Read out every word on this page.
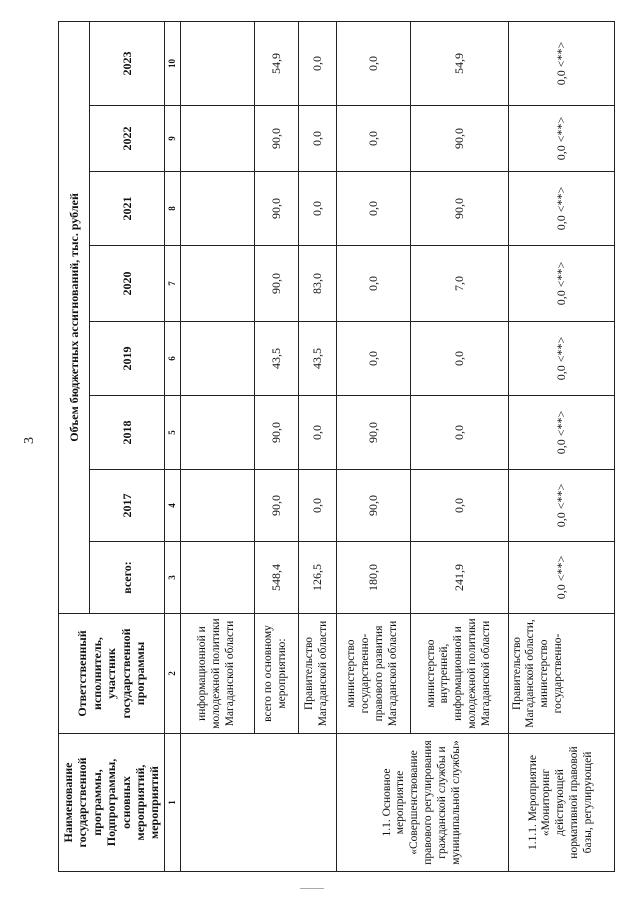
3
Наименование государственной программы, Подпрограммы, основных мероприятий, мероприятий	Ответственный исполнитель, участник государственной программы	Объем бюджетных ассигнований, тыс. рублей							
		всего:	2017	2018	2019	2020	2021	2022	2023
1	2	3	4	5	6	7	8	9	10
	информационной и молодежной политики Магаданской области								
	всего по основному мероприятию:	548,4	90,0	90,0	43,5	90,0	90,0	90,0	54,9
	Правительство Магаданской области	126,5	0,0	0,0	43,5	83,0	0,0	0,0	0,0
1.1. Основное мероприятие «Совершенствование правового регулирования гражданской службы и муниципальной службы»	министерство государственно-правового развития Магаданской области	180,0	90,0	90,0	0,0	0,0	0,0	0,0	0,0
	министерство внутренней, информационной и молодежной политики Магаданской области	241,9	0,0	0,0	0,0	7,0	90,0	90,0	54,9
1.1.1. Мероприятие «Мониторинг действующей нормативной правовой базы, регулирующей	Правительство Магаданской области, министерство государственно-	0,0 <**>	0,0 <**>	0,0 <**>	0,0 <**>	0,0 <**>	0,0 <**>	0,0 <**>	0,0 <**>
